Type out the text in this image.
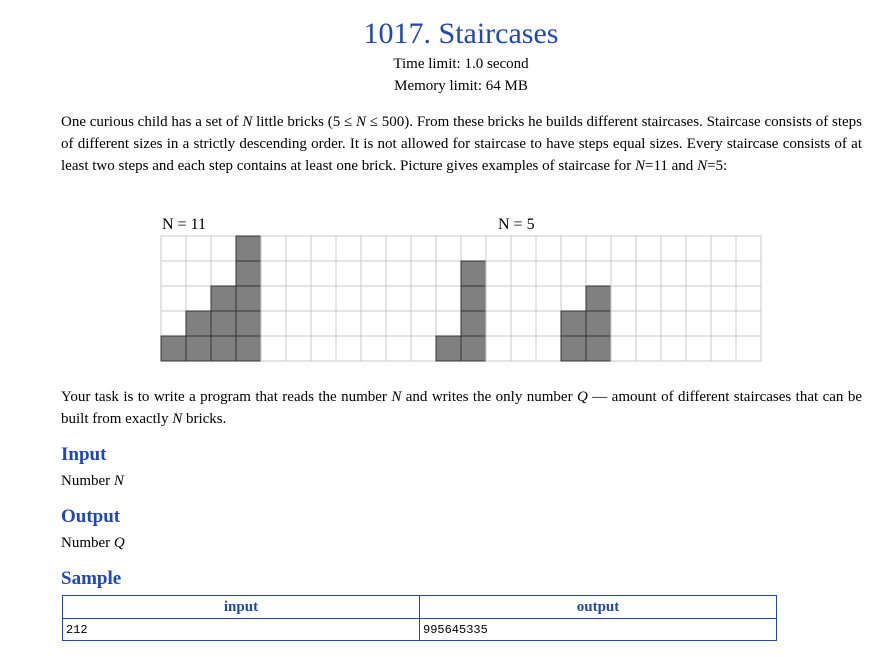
1017. Staircases
Time limit: 1.0 second
Memory limit: 64 MB

One curious child has a set of N little bricks (5 ≤ N ≤ 500). From these bricks he builds different staircases. Staircase consists of steps of different sizes in a strictly descending order. It is not allowed for staircase to have steps equal sizes. Every staircase consists of at least two steps and each step contains at least one brick. Picture gives examples of staircase for N=11 and N=5:

N = 11	N = 5

Your task is to write a program that reads the number N and writes the only number Q — amount of different staircases that can be built from exactly N bricks.

Input
Number N
Output
Number Q
Sample
input	output
212	995645335
